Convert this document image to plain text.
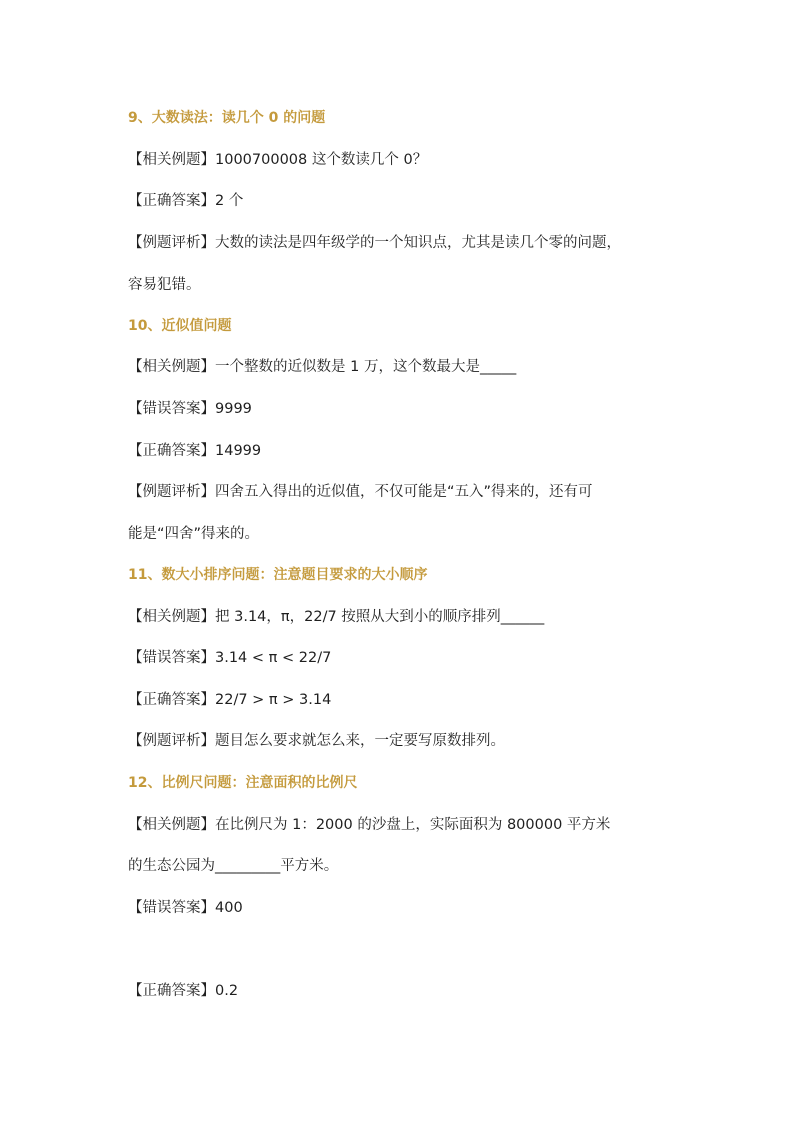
9、大数读法：读几个 0 的问题
【相关例题】1000700008 这个数读几个 0？
【正确答案】2 个
【例题评析】大数的读法是四年级学的一个知识点，尤其是读几个零的问题，
容易犯错。
10、近似值问题
【相关例题】一个整数的近似数是 1 万，这个数最大是_____
【错误答案】9999
【正确答案】14999
【例题评析】四舍五入得出的近似值，不仅可能是“五入”得来的，还有可
能是“四舍”得来的。
11、数大小排序问题：注意题目要求的大小顺序
【相关例题】把 3.14，π，22/7 按照从大到小的顺序排列______
【错误答案】3.14 < π < 22/7
【正确答案】22/7 > π > 3.14
【例题评析】题目怎么要求就怎么来，一定要写原数排列。
12、比例尺问题：注意面积的比例尺
【相关例题】在比例尺为 1：2000 的沙盘上，实际面积为 800000 平方米
的生态公园为_________平方米。
【错误答案】400
【正确答案】0.2
